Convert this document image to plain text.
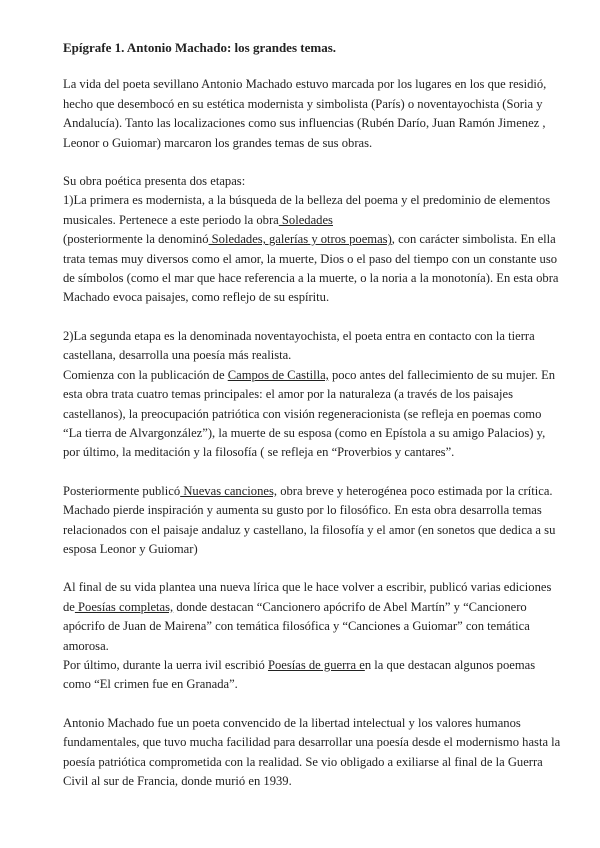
Epígrafe 1. Antonio Machado: los grandes temas.

La vida del poeta sevillano Antonio Machado estuvo marcada por los lugares en los que residió, hecho que desembocó en su estética modernista y simbolista (París) o noventayochista (Soria y Andalucía). Tanto las localizaciones como sus influencias (Rubén Darío, Juan Ramón Jimenez , Leonor o Guiomar) marcaron los grandes temas de sus obras.

Su obra poética presenta dos etapas:

1)La primera es modernista, a la búsqueda de la belleza del poema y el predominio de elementos musicales. Pertenece a este periodo la obra Soledades
(posteriormente la denominó Soledades, galerías y otros poemas), con carácter simbolista. En ella trata temas muy diversos como el amor, la muerte, Dios o el paso del tiempo con un constante uso de símbolos (como el mar que hace referencia a la muerte, o la noria a la monotonía). En esta obra Machado evoca paisajes, como reflejo de su espíritu.

2)La segunda etapa es la denominada noventayochista, el poeta entra en contacto con la tierra castellana, desarrolla una poesía más realista.

Comienza con la publicación de Campos de Castilla, poco antes del fallecimiento de su mujer. En esta obra trata cuatro temas principales: el amor por la naturaleza (a través de los paisajes castellanos), la preocupación patriótica con visión regeneracionista (se refleja en poemas como “La tierra de Alvargonzález”), la muerte de su esposa (como en Epístola a su amigo Palacios) y, por último, la meditación y la filosofía ( se refleja en “Proverbios y cantares”.

Posteriormente publicó Nuevas canciones, obra breve y heterogénea poco estimada por la crítica. Machado pierde inspiración y aumenta su gusto por lo filosófico. En esta obra desarrolla temas relacionados con el paisaje andaluz y castellano, la filosofía y el amor (en sonetos que dedica a su esposa Leonor y Guiomar)

Al final de su vida plantea una nueva lírica que le hace volver a escribir, publicó varias ediciones de Poesías completas, donde destacan “Cancionero apócrifo de Abel Martín” y “Cancionero apócrifo de Juan de Mairena” con temática filosófica y “Canciones a Guiomar” con temática amorosa.

Por último, durante la uerra ivil escribió Poesías de guerra en la que destacan algunos poemas como “El crimen fue en Granada”.

Antonio Machado fue un poeta convencido de la libertad intelectual y los valores humanos fundamentales, que tuvo mucha facilidad para desarrollar una poesía desde el modernismo hasta la poesía patriótica comprometida con la realidad. Se vio obligado a exiliarse al final de la Guerra Civil al sur de Francia, donde murió en 1939.
